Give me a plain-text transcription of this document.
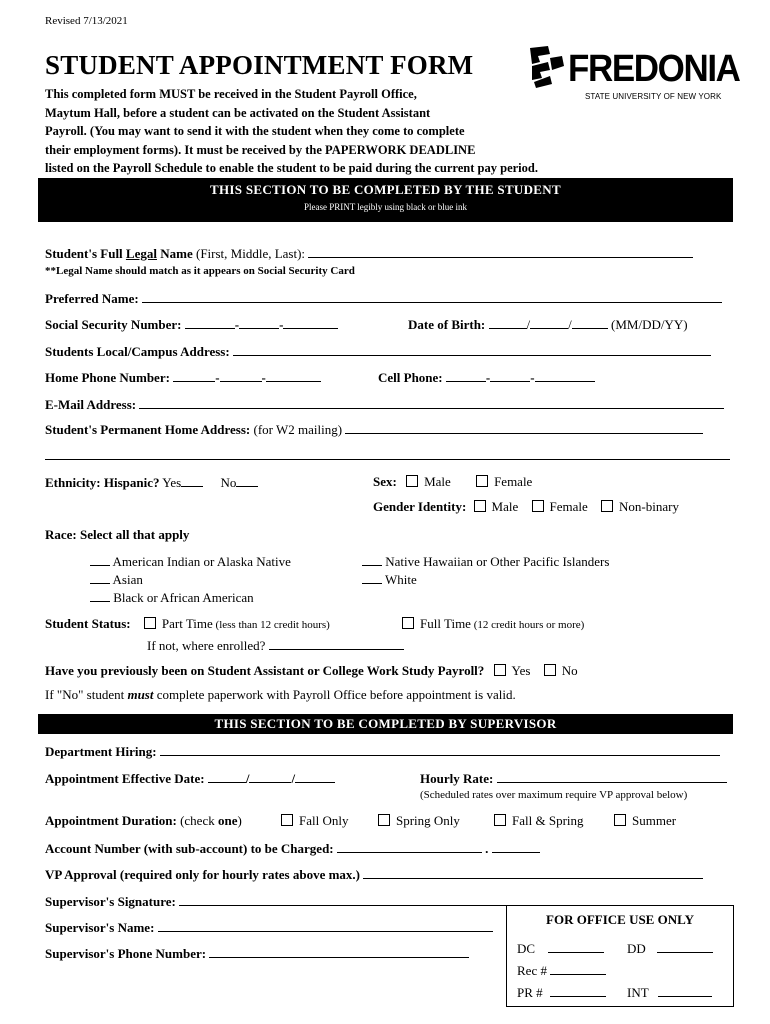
Revised 7/13/2021
STUDENT APPOINTMENT FORM
This completed form MUST be received in the Student Payroll Office,
Maytum Hall, before a student can be activated on the Student Assistant
Payroll. (You may want to send it with the student when they come to complete
their employment forms). It must be received by the PAPERWORK DEADLINE
listed on the Payroll Schedule to enable the student to be paid during the current pay period.
FREDONIA
STATE UNIVERSITY OF NEW YORK
THIS SECTION TO BE COMPLETED BY THE STUDENT
Please PRINT legibly using black or blue ink
Student's Full Legal Name (First, Middle, Last):
**Legal Name should match as it appears on Social Security Card
Preferred Name:
Social Security Number:	-	-	Date of Birth:	/	/	(MM/DD/YY)
Students Local/Campus Address:
Home Phone Number:	-	-	Cell Phone:	-	-
E-Mail Address:
Student's Permanent Home Address: (for W2 mailing)
Ethnicity: Hispanic? Yes	No	Sex: Male	Female
Gender Identity: Male Female Non-binary
Race: Select all that apply
American Indian or Alaska Native
Asian
Black or African American
Native Hawaiian or Other Pacific Islanders
White
Student Status: Part Time (less than 12 credit hours)	Full Time (12 credit hours or more)
If not, where enrolled?
Have you previously been on Student Assistant or College Work Study Payroll? Yes No
If "No" student must complete paperwork with Payroll Office before appointment is valid.
THIS SECTION TO BE COMPLETED BY SUPERVISOR
Department Hiring:
Appointment Effective Date:	/	/	Hourly Rate:
(Scheduled rates over maximum require VP approval below)
Appointment Duration: (check one)	Fall Only	Spring Only	Fall & Spring	Summer
Account Number (with sub-account) to be Charged:	.
VP Approval (required only for hourly rates above max.)
Supervisor's Signature:
Supervisor's Name:
Supervisor's Phone Number:
FOR OFFICE USE ONLY
DC	DD
Rec #
PR #	INT
